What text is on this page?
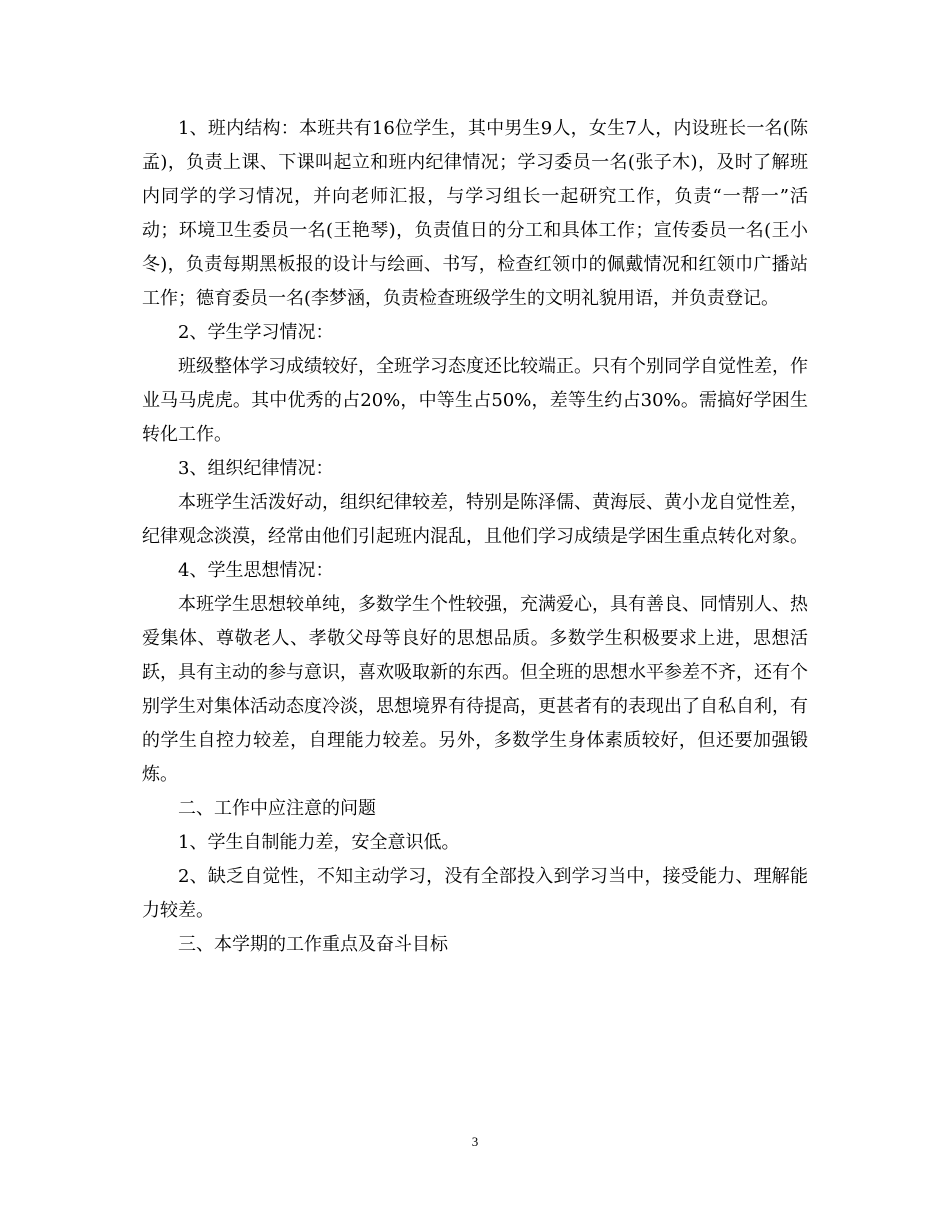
1、班内结构：本班共有16位学生，其中男生9人，女生7人，内设班长一名(陈孟)，负责上课、下课叫起立和班内纪律情况；学习委员一名(张子木)，及时了解班内同学的学习情况，并向老师汇报，与学习组长一起研究工作，负责“一帮一”活动；环境卫生委员一名(王艳琴)，负责值日的分工和具体工作；宣传委员一名(王小冬)，负责每期黑板报的设计与绘画、书写，检查红领巾的佩戴情况和红领巾广播站工作；德育委员一名(李梦涵，负责检查班级学生的文明礼貌用语，并负责登记。

2、学生学习情况：

班级整体学习成绩较好，全班学习态度还比较端正。只有个别同学自觉性差，作业马马虎虎。其中优秀的占20%，中等生占50%，差等生约占30%。需搞好学困生转化工作。

3、组织纪律情况：

本班学生活泼好动，组织纪律较差，特别是陈泽儒、黄海辰、黄小龙自觉性差，纪律观念淡漠，经常由他们引起班内混乱，且他们学习成绩是学困生重点转化对象。

4、学生思想情况：

本班学生思想较单纯，多数学生个性较强，充满爱心，具有善良、同情别人、热爱集体、尊敬老人、孝敬父母等良好的思想品质。多数学生积极要求上进，思想活跃，具有主动的参与意识，喜欢吸取新的东西。但全班的思想水平参差不齐，还有个别学生对集体活动态度冷淡，思想境界有待提高，更甚者有的表现出了自私自利，有的学生自控力较差，自理能力较差。另外，多数学生身体素质较好，但还要加强锻炼。

二、工作中应注意的问题

1、学生自制能力差，安全意识低。

2、缺乏自觉性，不知主动学习，没有全部投入到学习当中，接受能力、理解能力较差。

三、本学期的工作重点及奋斗目标

3
